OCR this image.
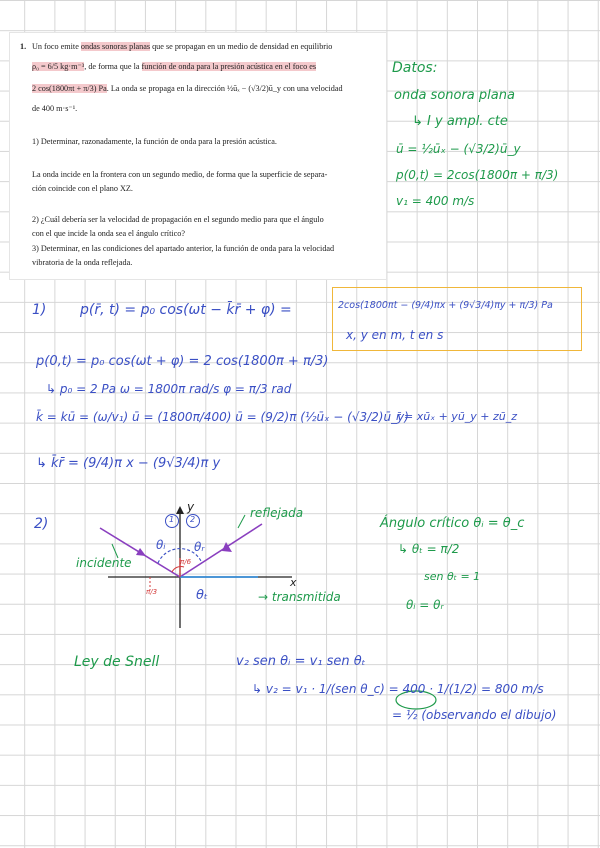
1. Un foco emite ondas sonoras planas que se propagan en un medio de densidad en equilibrio
ρ₀ = 6/5 kg·m⁻³, de forma que la función de onda para la presión acústica en el foco es
2 cos(1800πt + π/3) Pa. La onda se propaga en la dirección ½ūₓ − (√3/2)ū_y con una velocidad
de 400 m·s⁻¹.
1) Determinar, razonadamente, la función de onda para la presión acústica.
La onda incide en la frontera con un segundo medio, de forma que la superficie de separa-
ción coincide con el plano XZ.
2) ¿Cuál debería ser la velocidad de propagación en el segundo medio para que el ángulo
con el que incide la onda sea el ángulo crítico?
3) Determinar, en las condiciones del apartado anterior, la función de onda para la velocidad
vibratoria de la onda reflejada.
Datos:
onda sonora plana
↳ I y ampl. cte
ū = ½ūₓ − (√3/2)ū_y
p(0,t) = 2cos(1800π + π/3)
v₁ = 400 m/s
1) p(r̄, t) = p₀ cos(ωt − k̄r̄ + φ) =	2cos(1800πt − (9/4)πx + (9√3/4)πy + π/3) Pa
x, y en m, t en s
p(0,t) = p₀ cos(ωt + φ) = 2 cos(1800π + π/3)
↳ p₀ = 2 Pa ω = 1800π rad/s φ = π/3 rad
k̄ = kū = (ω/v₁) ū = (1800π/400) ū = (9/2)π (½ūₓ − (√3/2)ū_y)
r̄ = xūₓ + yū_y + zū_z
↳ k̄r̄ = (9/4)π x − (9√3/4)π y
2)
y
x
1 2
incidente
reflejada
→ transmitida
θᵢ θᵣ
θₜ
π/6
π/3
Ángulo crítico θᵢ = θ_c
↳ θₜ = π/2
sen θₜ = 1
θᵢ = θᵣ
Ley de Snell	v₂ sen θᵢ = v₁ sen θₜ
↳ v₂ = v₁ · 1/(sen θ_c) = 400 · 1/(1/2) = 800 m/s
= ½ (observando el dibujo)
